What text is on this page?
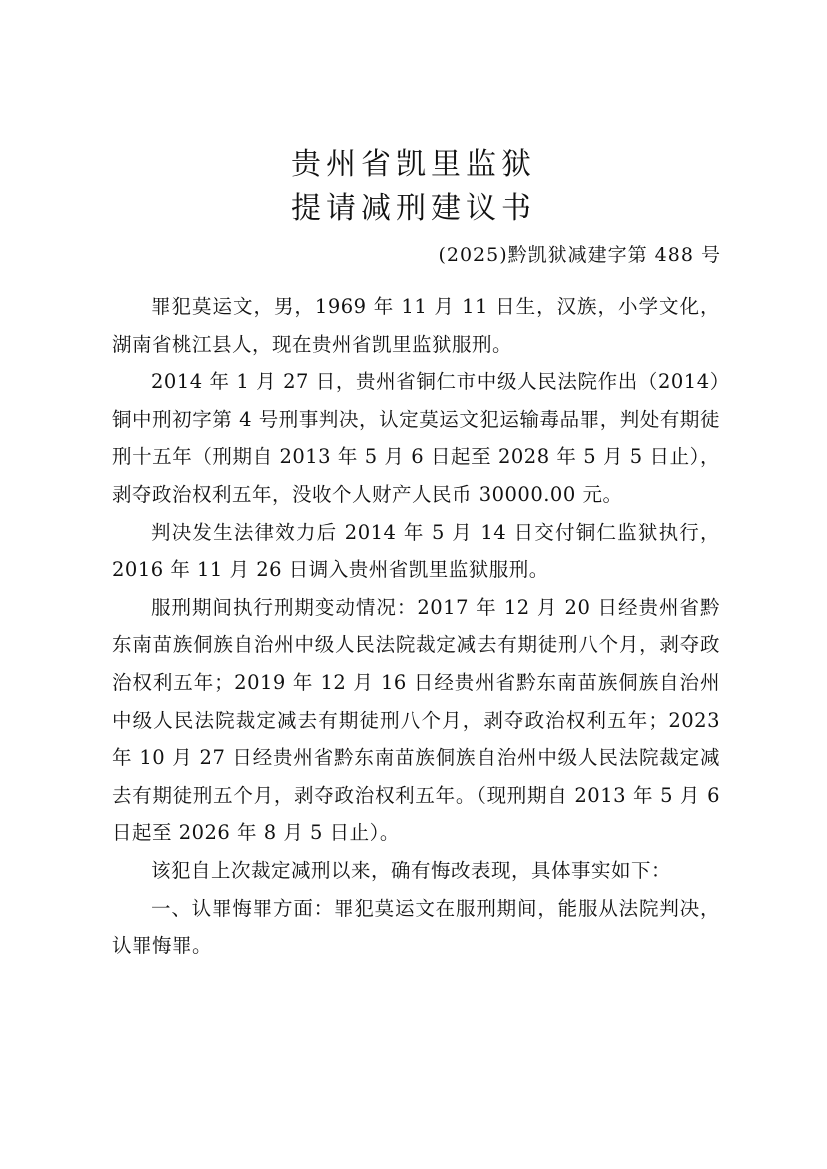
贵州省凯里监狱
提请减刑建议书
(2025)黔凯狱减建字第 488 号

罪犯莫运文，男，1969 年 11 月 11 日生，汉族，小学文化，湖南省桃江县人，现在贵州省凯里监狱服刑。

2014 年 1 月 27 日，贵州省铜仁市中级人民法院作出（2014）铜中刑初字第 4 号刑事判决，认定莫运文犯运输毒品罪，判处有期徒刑十五年（刑期自 2013 年 5 月 6 日起至 2028 年 5 月 5 日止），剥夺政治权利五年，没收个人财产人民币 30000.00 元。

判决发生法律效力后 2014 年 5 月 14 日交付铜仁监狱执行，2016 年 11 月 26 日调入贵州省凯里监狱服刑。

服刑期间执行刑期变动情况：2017 年 12 月 20 日经贵州省黔东南苗族侗族自治州中级人民法院裁定减去有期徒刑八个月，剥夺政治权利五年；2019 年 12 月 16 日经贵州省黔东南苗族侗族自治州中级人民法院裁定减去有期徒刑八个月，剥夺政治权利五年；2023 年 10 月 27 日经贵州省黔东南苗族侗族自治州中级人民法院裁定减去有期徒刑五个月，剥夺政治权利五年。（现刑期自 2013 年 5 月 6 日起至 2026 年 8 月 5 日止）。

该犯自上次裁定减刑以来，确有悔改表现，具体事实如下：

一、认罪悔罪方面：罪犯莫运文在服刑期间，能服从法院判决，认罪悔罪。
